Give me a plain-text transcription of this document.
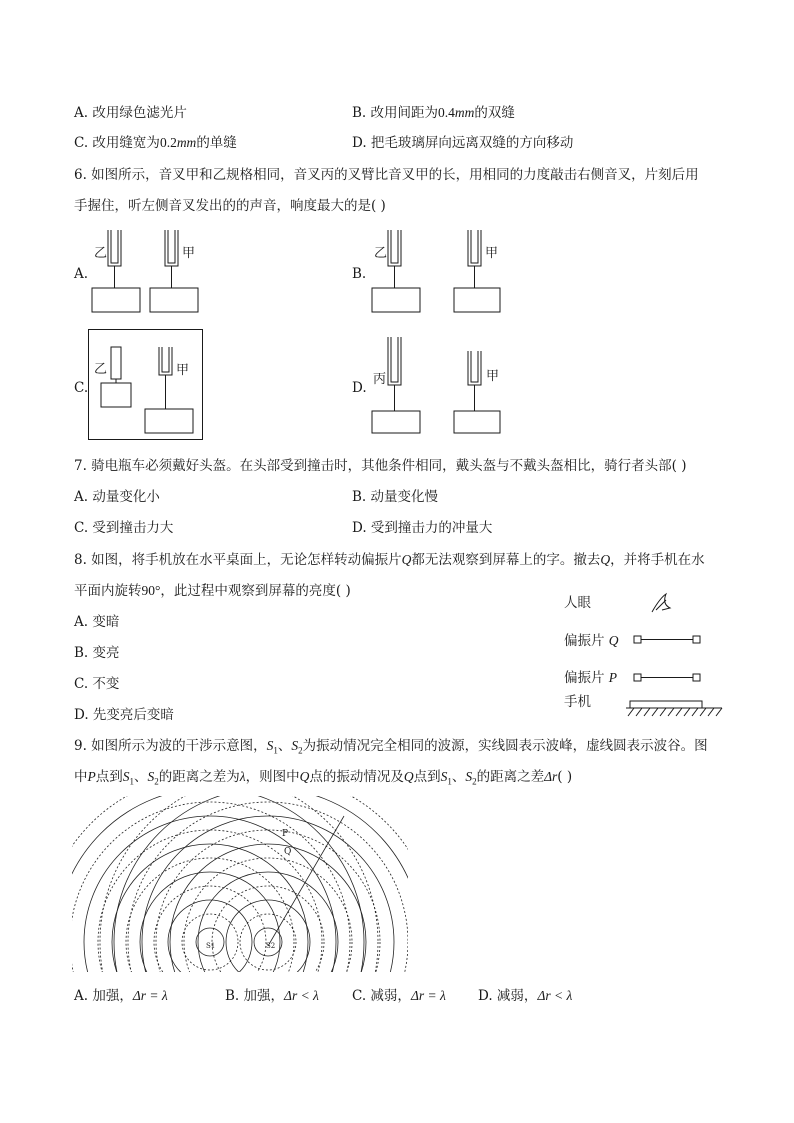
A. 改用绿色滤光片	B. 改用间距为0.4mm的双缝
C. 改用缝宽为0.2mm的单缝	D. 把毛玻璃屏向远离双缝的方向移动
6. 如图所示，音叉甲和乙规格相同，音叉丙的叉臂比音叉甲的长，用相同的力度敲击右侧音叉，片刻后用
手握住，听左侧音叉发出的的声音，响度最大的是( )
A.	B.
C.	D.
乙	甲	乙	甲
乙	甲
丙	甲
7. 骑电瓶车必须戴好头盔。在头部受到撞击时，其他条件相同，戴头盔与不戴头盔相比，骑行者头部( )
A. 动量变化小	B. 动量变化慢
C. 受到撞击力大	D. 受到撞击力的冲量大
8. 如图，将手机放在水平桌面上，无论怎样转动偏振片Q都无法观察到屏幕上的字。撤去Q，并将手机在水
平面内旋转90°，此过程中观察到屏幕的亮度( )
A. 变暗
B. 变亮
C. 不变
D. 先变亮后变暗
人眼
偏振片 Q
偏振片 P
手机
9. 如图所示为波的干涉示意图，$S_1$、$S_2$为振动情况完全相同的波源，实线圆表示波峰，虚线圆表示波谷。图
中P点到$S_1$、$S_2$的距离之差为λ，则图中Q点的振动情况及Q点到$S_1$、$S_2$的距离之差Δr( )
P
Q
S1	S2
A. 加强，Δr = λ	B. 加强，Δr < λ C. 减弱，Δr = λ D. 减弱，Δr < λ
